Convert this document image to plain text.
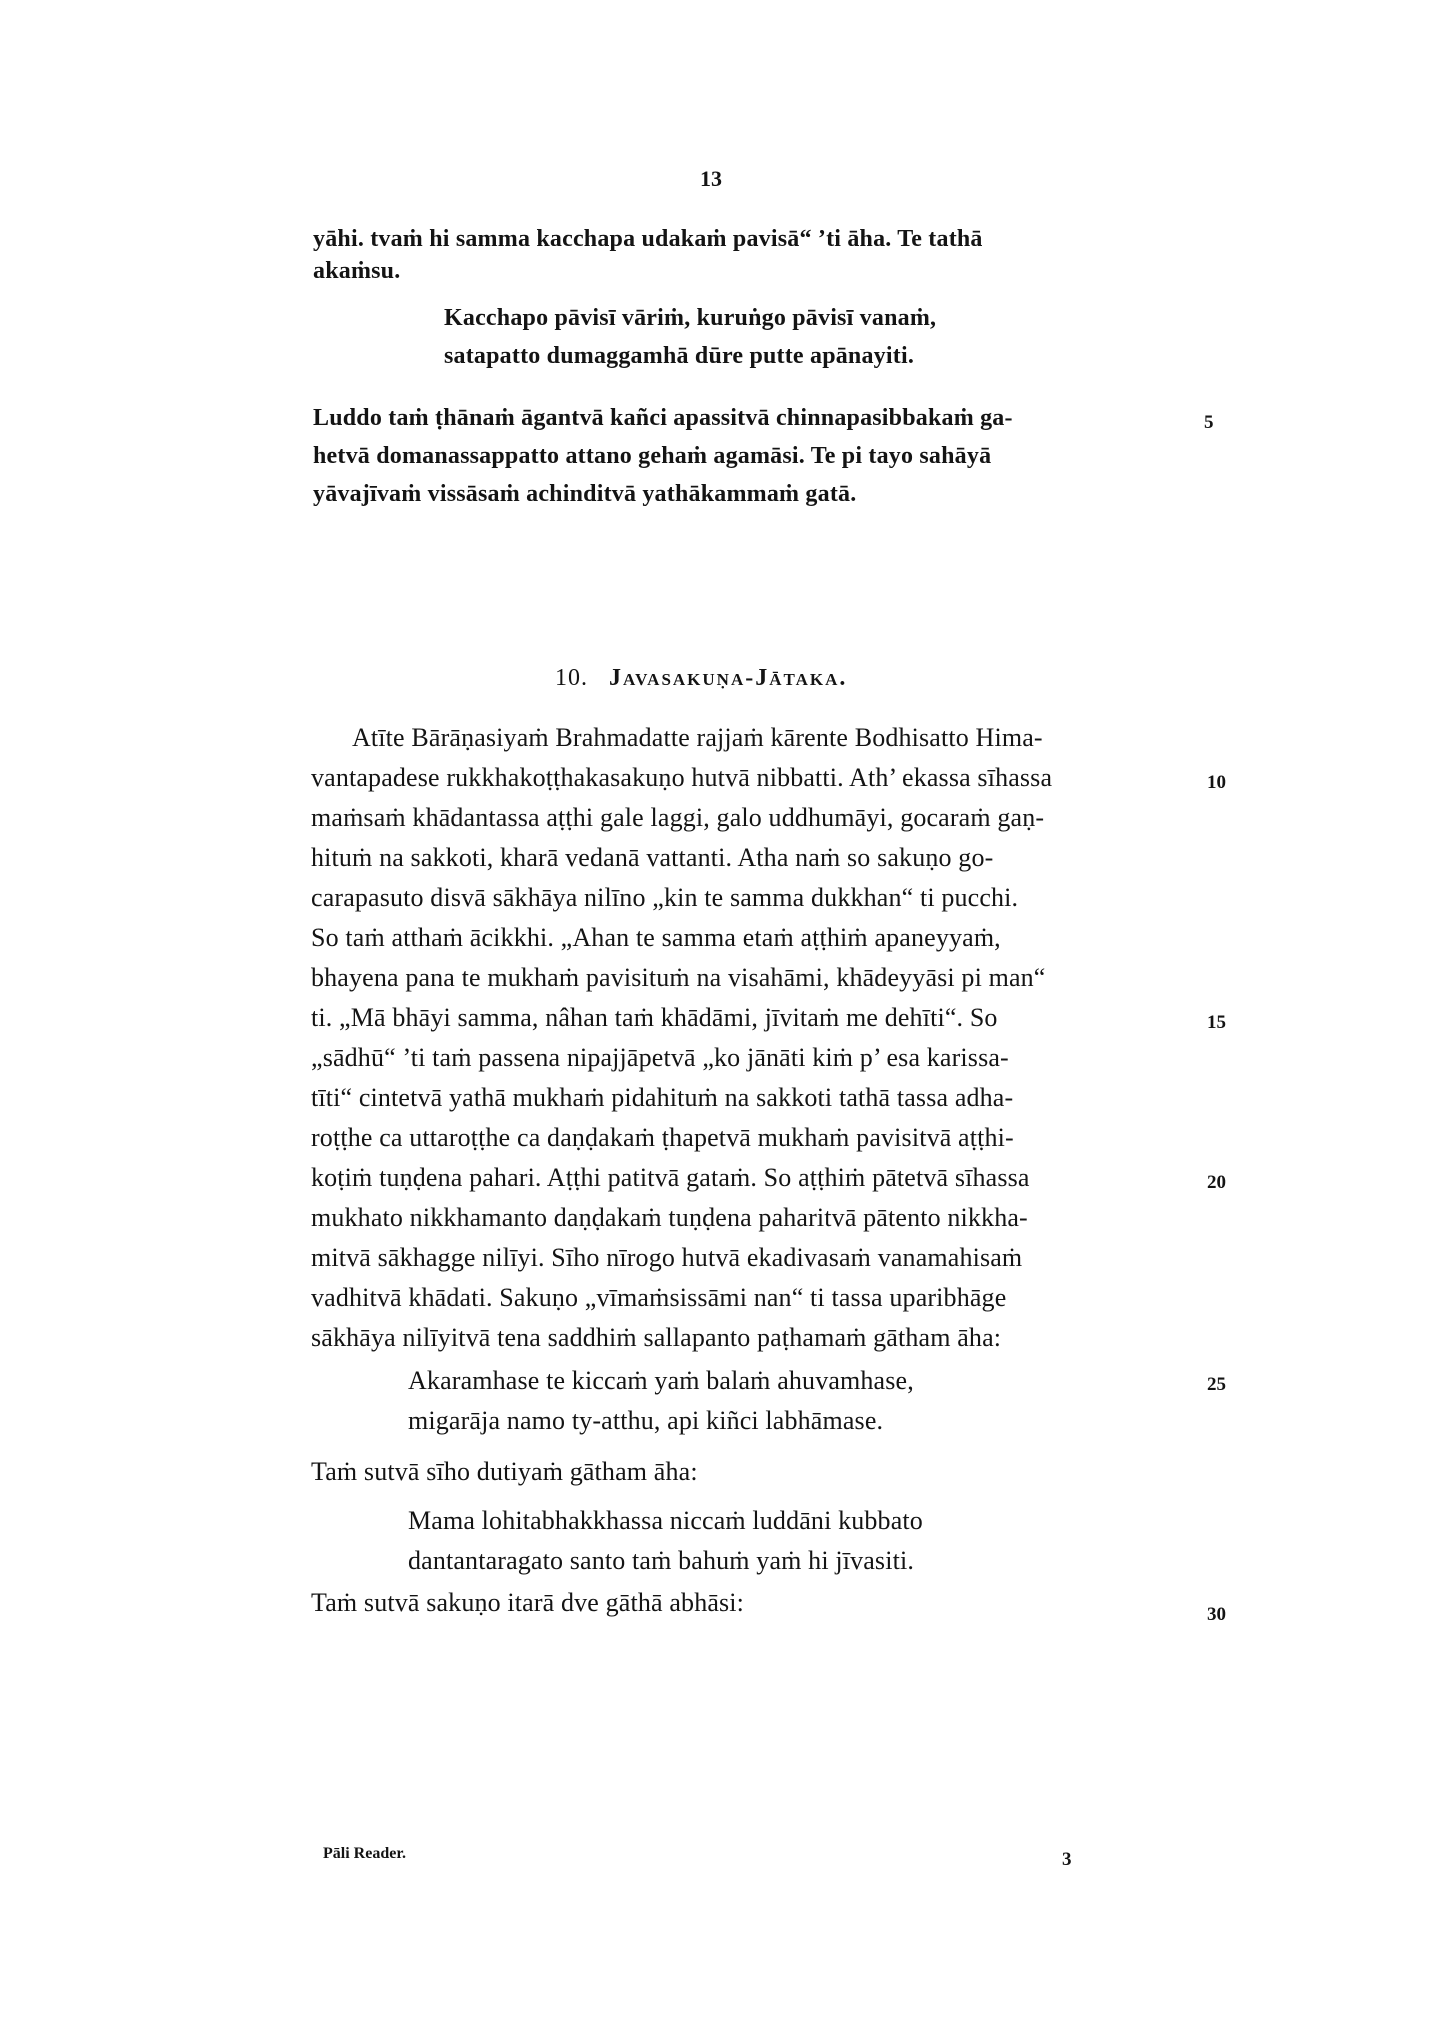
13
yāhi. tvaṁ hi samma kacchapa udakaṁ pavisā“ ’ti āha. Te tathā
akaṁsu.
Kacchapo pāvisī vāriṁ, kuruṅgo pāvisī vanaṁ,
satapatto dumaggamhā dūre putte apānayiti.
Luddo taṁ ṭhānaṁ āgantvā kañci apassitvā chinnapasibbakaṁ ga-
hetvā domanassappatto attano gehaṁ agamāsi. Te pi tayo sahāyā
yāvajīvaṁ vissāsaṁ achinditvā yathākammaṁ gatā.
5
10. Javasakuṇa-Jātaka.
Atīte Bārāṇasiyaṁ Brahmadatte rajjaṁ kārente Bodhisatto Hima-
vantapadese rukkhakoṭṭhakasakuṇo hutvā nibbatti. Ath’ ekassa sīhassa
maṁsaṁ khādantassa aṭṭhi gale laggi, galo uddhumāyi, gocaraṁ gaṇ-
hituṁ na sakkoti, kharā vedanā vattanti. Atha naṁ so sakuṇo go-
carapasuto disvā sākhāya nilīno „kin te samma dukkhan“ ti pucchi.
So taṁ atthaṁ ācikkhi. „Ahan te samma etaṁ aṭṭhiṁ apaneyyaṁ,
bhayena pana te mukhaṁ pavisituṁ na visahāmi, khādeyyāsi pi man“
ti. „Mā bhāyi samma, nâhan taṁ khādāmi, jīvitaṁ me dehīti“. So
„sādhū“ ’ti taṁ passena nipajjāpetvā „ko jānāti kiṁ p’ esa karissa-
tīti“ cintetvā yathā mukhaṁ pidahituṁ na sakkoti tathā tassa adha-
roṭṭhe ca uttaroṭṭhe ca daṇḍakaṁ ṭhapetvā mukhaṁ pavisitvā aṭṭhi-
koṭiṁ tuṇḍena pahari. Aṭṭhi patitvā gataṁ. So aṭṭhiṁ pātetvā sīhassa
mukhato nikkhamanto daṇḍakaṁ tuṇḍena paharitvā pātento nikkha-
mitvā sākhagge nilīyi. Sīho nīrogo hutvā ekadivasaṁ vanamahisaṁ
vadhitvā khādati. Sakuṇo „vīmaṁsissāmi nan“ ti tassa uparibhāge
sākhāya nilīyitvā tena saddhiṁ sallapanto paṭhamaṁ gātham āha:
Akaramhase te kiccaṁ yaṁ balaṁ ahuvamhase,
migarāja namo ty-atthu, api kiñci labhāmase.
Taṁ sutvā sīho dutiyaṁ gātham āha:
Mama lohitabhakkhassa niccaṁ luddāni kubbato
dantantaragato santo taṁ bahuṁ yaṁ hi jīvasiti.
Taṁ sutvā sakuṇo itarā dve gāthā abhāsi:
10
15
20
25
30
Pāli Reader.	3
